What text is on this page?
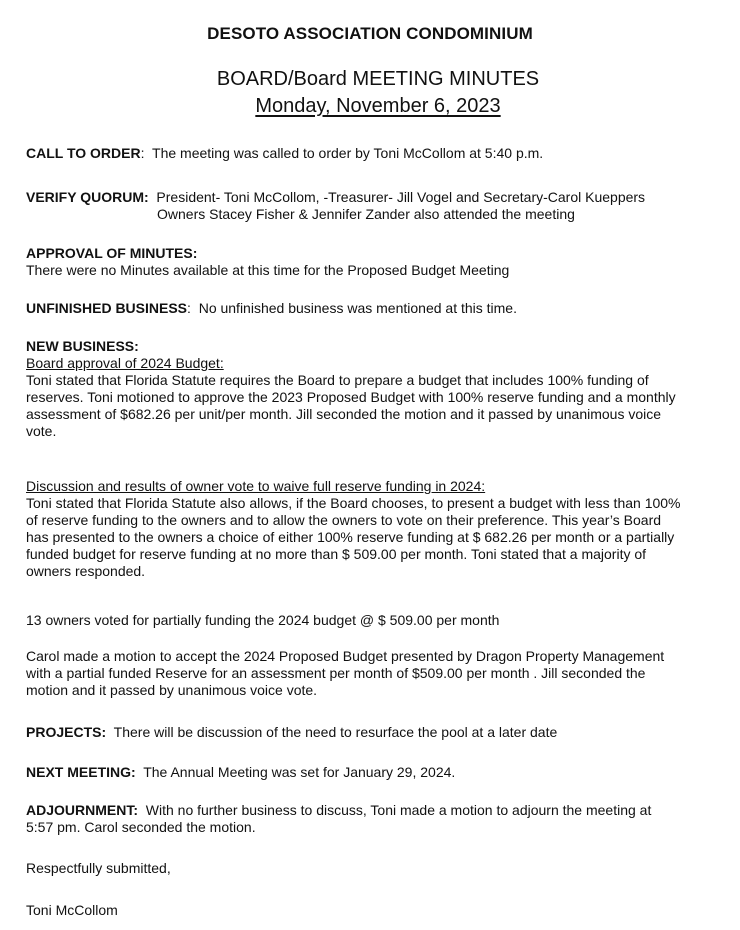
DESOTO ASSOCIATION CONDOMINIUM
BOARD/Board MEETING MINUTES
Monday, November 6, 2023
CALL TO ORDER:  The meeting was called to order by Toni McCollom at 5:40 p.m.
VERIFY QUORUM: President- Toni McCollom, -Treasurer- Jill Vogel and Secretary-Carol Kueppers
Owners Stacey Fisher & Jennifer Zander also attended the meeting
APPROVAL OF MINUTES:
There were no Minutes available at this time for the Proposed Budget Meeting
UNFINISHED BUSINESS:  No unfinished business was mentioned at this time.
NEW BUSINESS:
Board approval of 2024 Budget:
Toni stated that Florida Statute requires the Board to prepare a budget that includes 100% funding of
reserves. Toni motioned to approve the 2023 Proposed Budget with 100% reserve funding and a monthly
assessment of $682.26 per unit/per month. Jill seconded the motion and it passed by unanimous voice
vote.
Discussion and results of owner vote to waive full reserve funding in 2024:
Toni stated that Florida Statute also allows, if the Board chooses, to present a budget with less than 100%
of reserve funding to the owners and to allow the owners to vote on their preference. This year’s Board
has presented to the owners a choice of either 100% reserve funding at $ 682.26 per month or a partially
funded budget for reserve funding at no more than $ 509.00 per month. Toni stated that a majority of
owners responded.
13 owners voted for partially funding the 2024 budget @ $ 509.00 per month
Carol made a motion to accept the 2024 Proposed Budget presented by Dragon Property Management
with a partial funded Reserve for an assessment per month of $509.00 per month . Jill seconded the
motion and it passed by unanimous voice vote.
PROJECTS: There will be discussion of the need to resurface the pool at a later date
NEXT MEETING: The Annual Meeting was set for January 29, 2024.
ADJOURNMENT: With no further business to discuss, Toni made a motion to adjourn the meeting at
5:57 pm. Carol seconded the motion.
Respectfully submitted,
Toni McCollom
